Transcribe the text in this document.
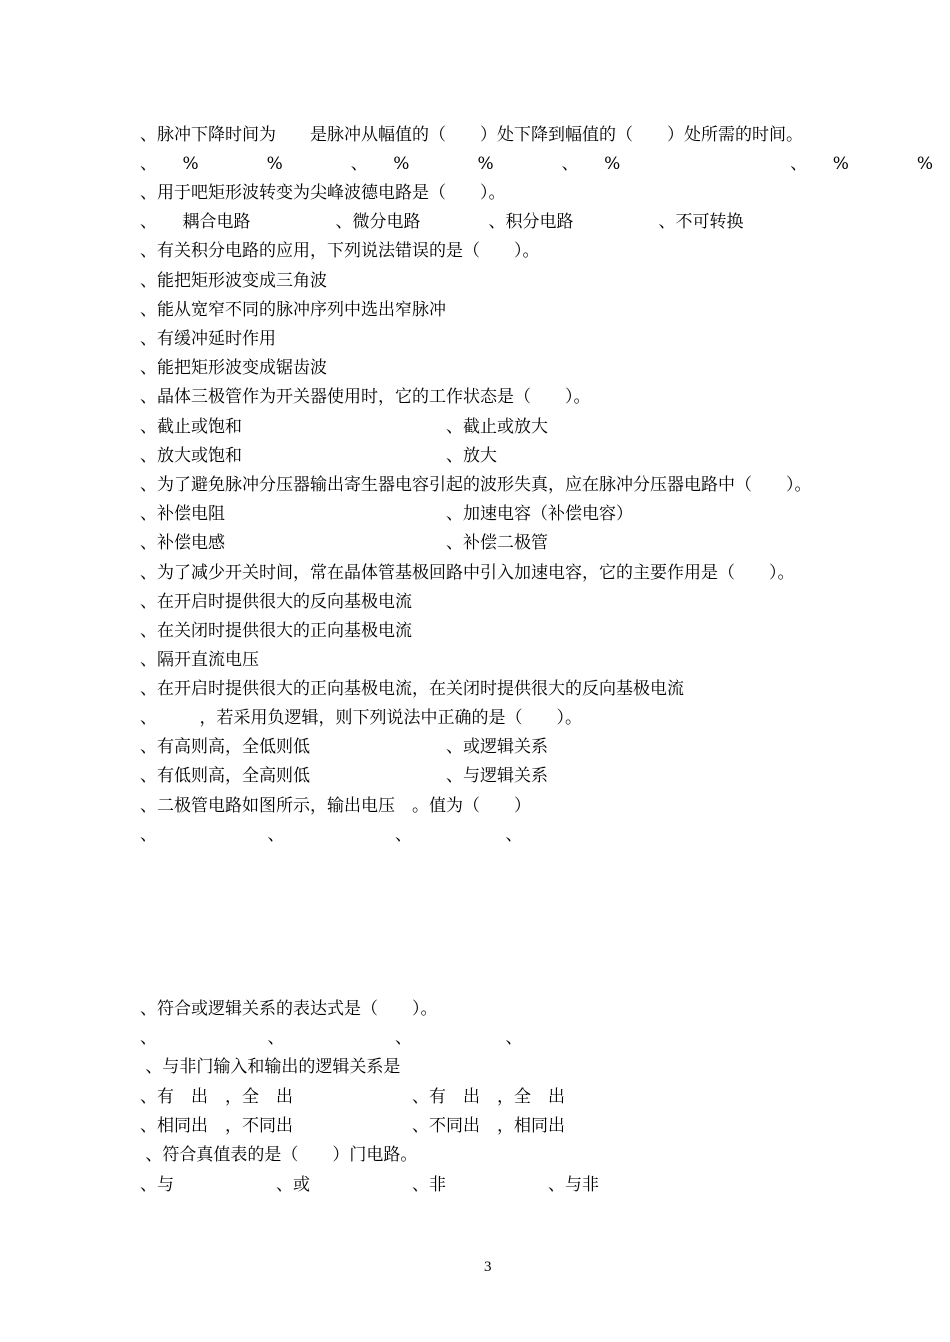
、脉冲下降时间为　　是脉冲从幅值的（　　）处下降到幅值的（　　）处所需的时间。
、　　%　　　　%　　　　、　　%　　　　%　　　　、　　%　　　　　　　　　　、　　%　　　　%
、用于吧矩形波转变为尖峰波德电路是（　　）。
、　　耦合电路　　　　　、微分电路　　　　、积分电路　　　　　、不可转换
、有关积分电路的应用，下列说法错误的是（　　）。
、能把矩形波变成三角波
、能从宽窄不同的脉冲序列中选出窄脉冲
、有缓冲延时作用
、能把矩形波变成锯齿波
、晶体三极管作为开关器使用时，它的工作状态是（　　）。
、截止或饱和　　　　　　　　　　　　、截止或放大
、放大或饱和　　　　　　　　　　　　、放大
、为了避免脉冲分压器输出寄生器电容引起的波形失真，应在脉冲分压器电路中（　　）。
、补偿电阻　　　　　　　　　　　　　、加速电容（补偿电容）
、补偿电感　　　　　　　　　　　　　、补偿二极管
、为了减少开关时间，常在晶体管基极回路中引入加速电容，它的主要作用是（　　）。
、在开启时提供很大的反向基极电流
、在关闭时提供很大的正向基极电流
、隔开直流电压
、在开启时提供很大的正向基极电流，在关闭时提供很大的反向基极电流
、　　　，若采用负逻辑，则下列说法中正确的是（　　）。
、有高则高，全低则低　　　　　　　　、或逻辑关系
、有低则高，全高则低　　　　　　　　、与逻辑关系
、二极管电路如图所示，输出电压　。值为（　　）
、　　　　　　　、　　　　　　　、　　　　　　、
、符合或逻辑关系的表达式是（　　）。
、　　　　　　　、　　　　　　　、　　　　　　、
、与非门输入和输出的逻辑关系是
、有　出　，全　出　　　　　　　、有　出　，全　出
、相同出　，不同出　　　　　　　、不同出　，相同出
、符合真值表的是（　　）门电路。
、与　　　　　　、或　　　　　　、非　　　　　　、与非
3
